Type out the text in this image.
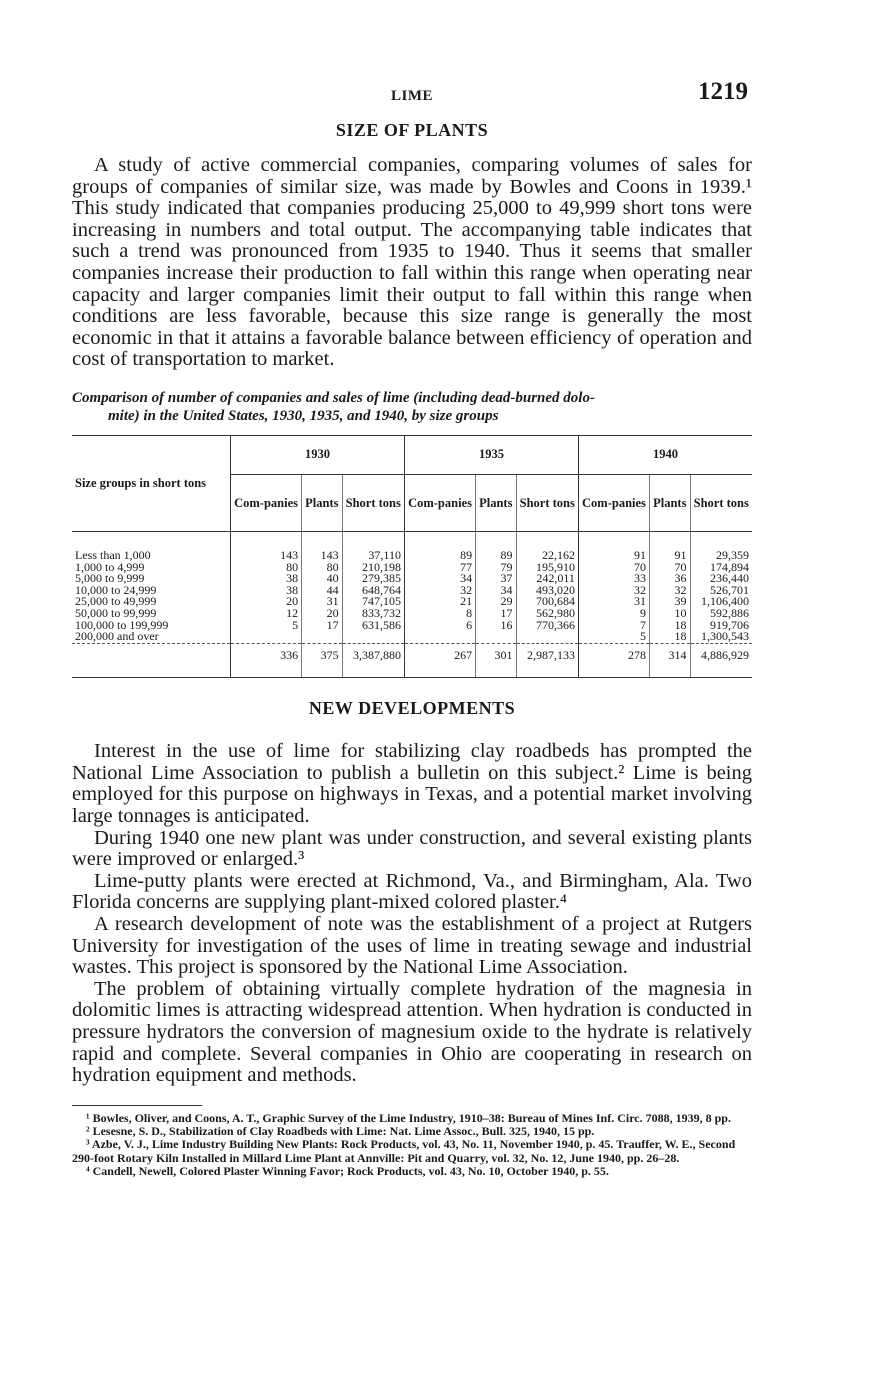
LIME	1219
SIZE OF PLANTS

A study of active commercial companies, comparing volumes of sales for groups of companies of similar size, was made by Bowles and Coons in 1939.¹ This study indicated that companies producing 25,000 to 49,999 short tons were increasing in numbers and total output. The accompanying table indicates that such a trend was pronounced from 1935 to 1940. Thus it seems that smaller companies increase their production to fall within this range when operating near capacity and larger companies limit their output to fall within this range when conditions are less favorable, because this size range is generally the most economic in that it attains a favorable balance between efficiency of operation and cost of transportation to market.

Comparison of number of companies and sales of lime (including dead-burned dolo-
mite) in the United States, 1930, 1935, and 1940, by size groups
Size groups in short tons	1930			1935			1940		
	Com-panies	Plants	Short tons	Com-panies	Plants	Short tons	Com-panies	Plants	Short tons
Less than 1,000	143	143	37,110	89	89	22,162	91	91	29,359
1,000 to 4,999	80	80	210,198	77	79	195,910	70	70	174,894
5,000 to 9,999	38	40	279,385	34	37	242,011	33	36	236,440
10,000 to 24,999	38	44	648,764	32	34	493,020	32	32	526,701
25,000 to 49,999	20	31	747,105	21	29	700,684	31	39	1,106,400
50,000 to 99,999	12	20	833,732	8	17	562,980	9	10	592,886
100,000 to 199,999	5	17	631,586	6	16	770,366	7	18	919,706
200,000 and over							5	18	1,300,543
	336	375	3,387,880	267	301	2,987,133	278	314	4,886,929
NEW DEVELOPMENTS

Interest in the use of lime for stabilizing clay roadbeds has prompted the National Lime Association to publish a bulletin on this subject.² Lime is being employed for this purpose on highways in Texas, and a potential market involving large tonnages is anticipated.

During 1940 one new plant was under construction, and several existing plants were improved or enlarged.³

Lime-putty plants were erected at Richmond, Va., and Birmingham, Ala. Two Florida concerns are supplying plant-mixed colored plaster.⁴

A research development of note was the establishment of a project at Rutgers University for investigation of the uses of lime in treating sewage and industrial wastes. This project is sponsored by the National Lime Association.

The problem of obtaining virtually complete hydration of the magnesia in dolomitic limes is attracting widespread attention. When hydration is conducted in pressure hydrators the conversion of magnesium oxide to the hydrate is relatively rapid and complete. Several companies in Ohio are cooperating in research on hydration equipment and methods.

¹ Bowles, Oliver, and Coons, A. T., Graphic Survey of the Lime Industry, 1910–38: Bureau of Mines Inf. Circ. 7088, 1939, 8 pp.

² Lesesne, S. D., Stabilization of Clay Roadbeds with Lime: Nat. Lime Assoc., Bull. 325, 1940, 15 pp.

³ Azbe, V. J., Lime Industry Building New Plants: Rock Products, vol. 43, No. 11, November 1940, p. 45. Trauffer, W. E., Second 290-foot Rotary Kiln Installed in Millard Lime Plant at Annville: Pit and Quarry, vol. 32, No. 12, June 1940, pp. 26–28.

⁴ Candell, Newell, Colored Plaster Winning Favor; Rock Products, vol. 43, No. 10, October 1940, p. 55.
